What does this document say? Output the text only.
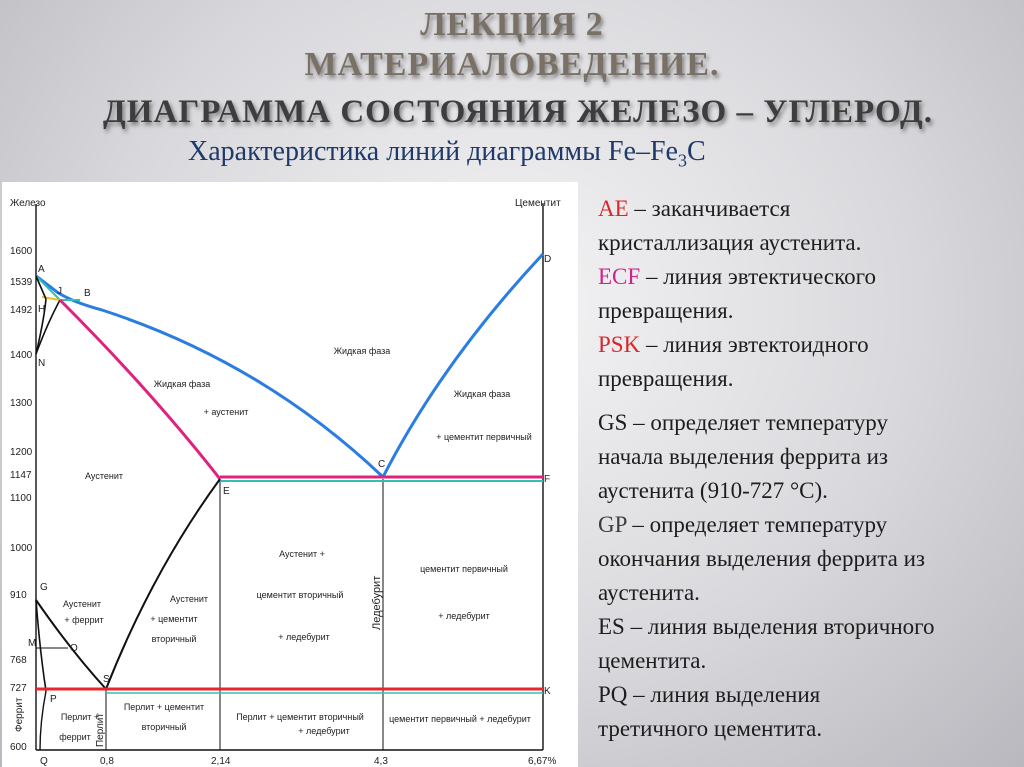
ЛЕКЦИЯ 2
МАТЕРИАЛОВЕДЕНИЕ.
ДИАГРАММА СОСТОЯНИЯ ЖЕЛЕЗО – УГЛЕРОД.
Характеристика линий диаграммы $Fe-Fe_3C$
Железо	Цементит
1600
1539
1492
1400
1300
1200
1147
1100
1000
910
768
727
600
0,8	2,14	4,3	6,67%
A
B
H
J
N
C
D
E
F
G
M	O
S
P
K
Q
Жидкая фаза
Жидкая фаза
+ аустенит
Жидкая фаза
+ цементит первичный
Аустенит
Аустенит
+ феррит
Аустенит
+ цементит
вторичный
Аустенит +
цементит вторичный
+ ледебурит
цементит первичный
+ ледебурит
Перлит +
феррит
Перлит + цементит
вторичный
Перлит + цементит вторичный
+ ледебурит
цементит первичный + ледебурит
Ледебурит
Перлит
Феррит

AE – заканчивается
кристаллизация аустенита.

ECF – линия эвтектического
превращения.

PSK – линия эвтектоидного
превращения.

GS – определяет температуру
начала выделения феррита из
аустенита (910-727 °С).

GP – определяет температуру
окончания выделения феррита из
аустенита.

ES – линия выделения вторичного
цементита.

PQ – линия выделения
третичного цементита.
